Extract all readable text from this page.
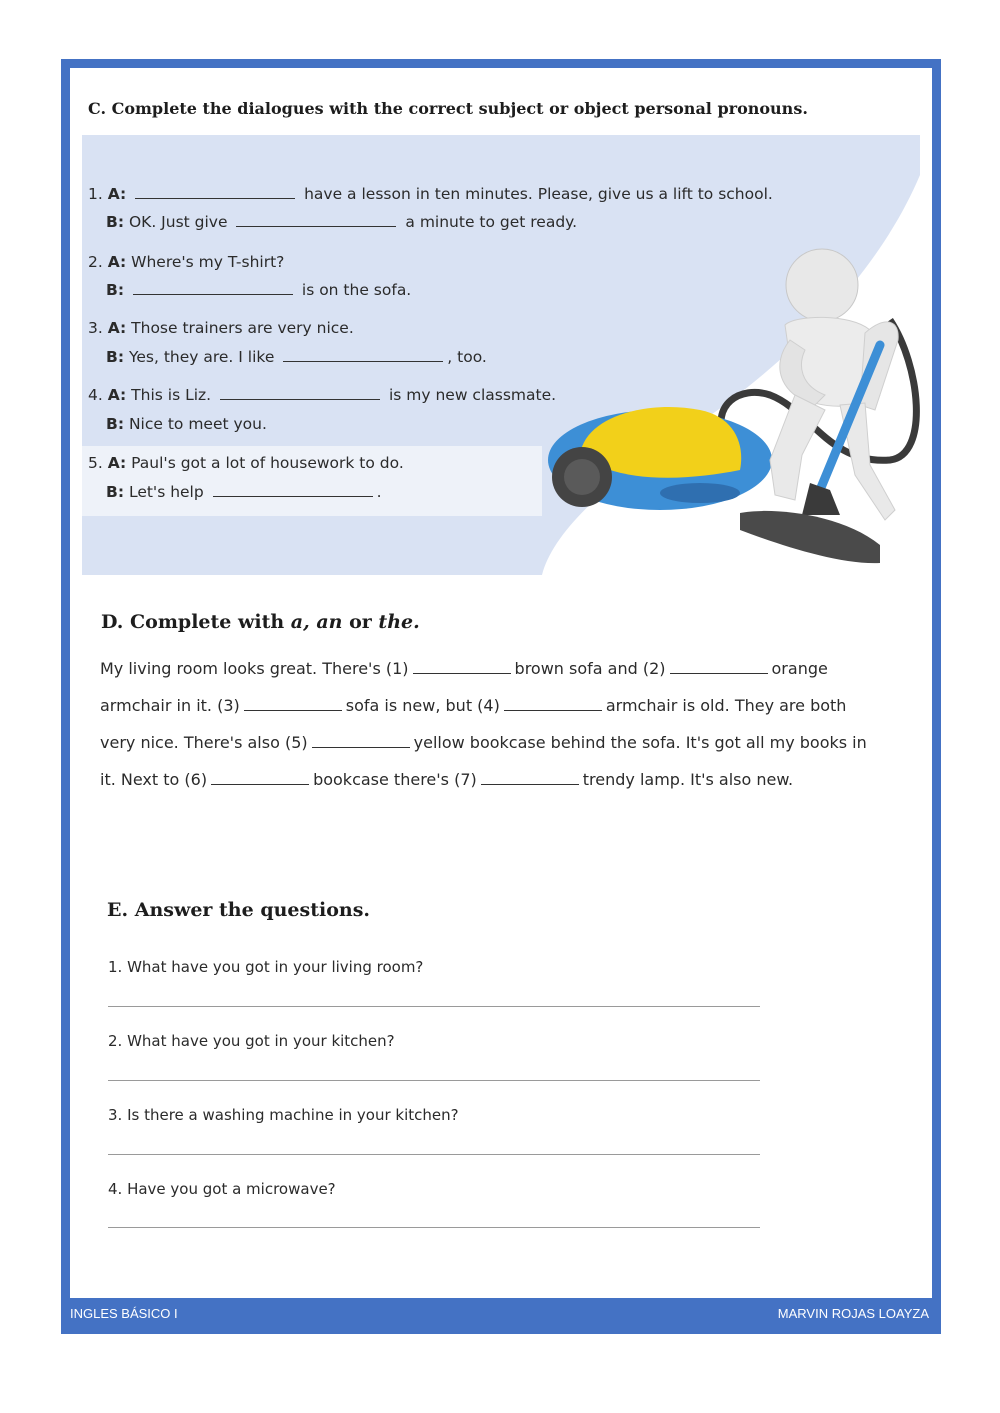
C. Complete the dialogues with the correct subject or object personal pronouns.
1. A:	have a lesson in ten minutes. Please, give us a lift to school.
B: OK. Just give	a minute to get ready.
2. A: Where's my T-shirt?
B:	is on the sofa.
3. A: Those trainers are very nice.
B: Yes, they are. I like	, too.
4. A: This is Liz.	is my new classmate.
B: Nice to meet you.
5. A: Paul's got a lot of housework to do.
B: Let's help	.
D. Complete with a, an or the.
My living room looks great. There's (1)	brown sofa and (2)	orange armchair in it. (3)	sofa is new, but (4)	armchair is old. They are both very nice. There's also (5)	yellow bookcase behind the sofa. It's got all my books in it. Next to (6)	bookcase there's (7)	trendy lamp. It's also new.
E. Answer the questions.
1. What have you got in your living room?
2. What have you got in your kitchen?
3. Is there a washing machine in your kitchen?
4. Have you got a microwave?
INGLES BÁSICO I	MARVIN ROJAS LOAYZA
